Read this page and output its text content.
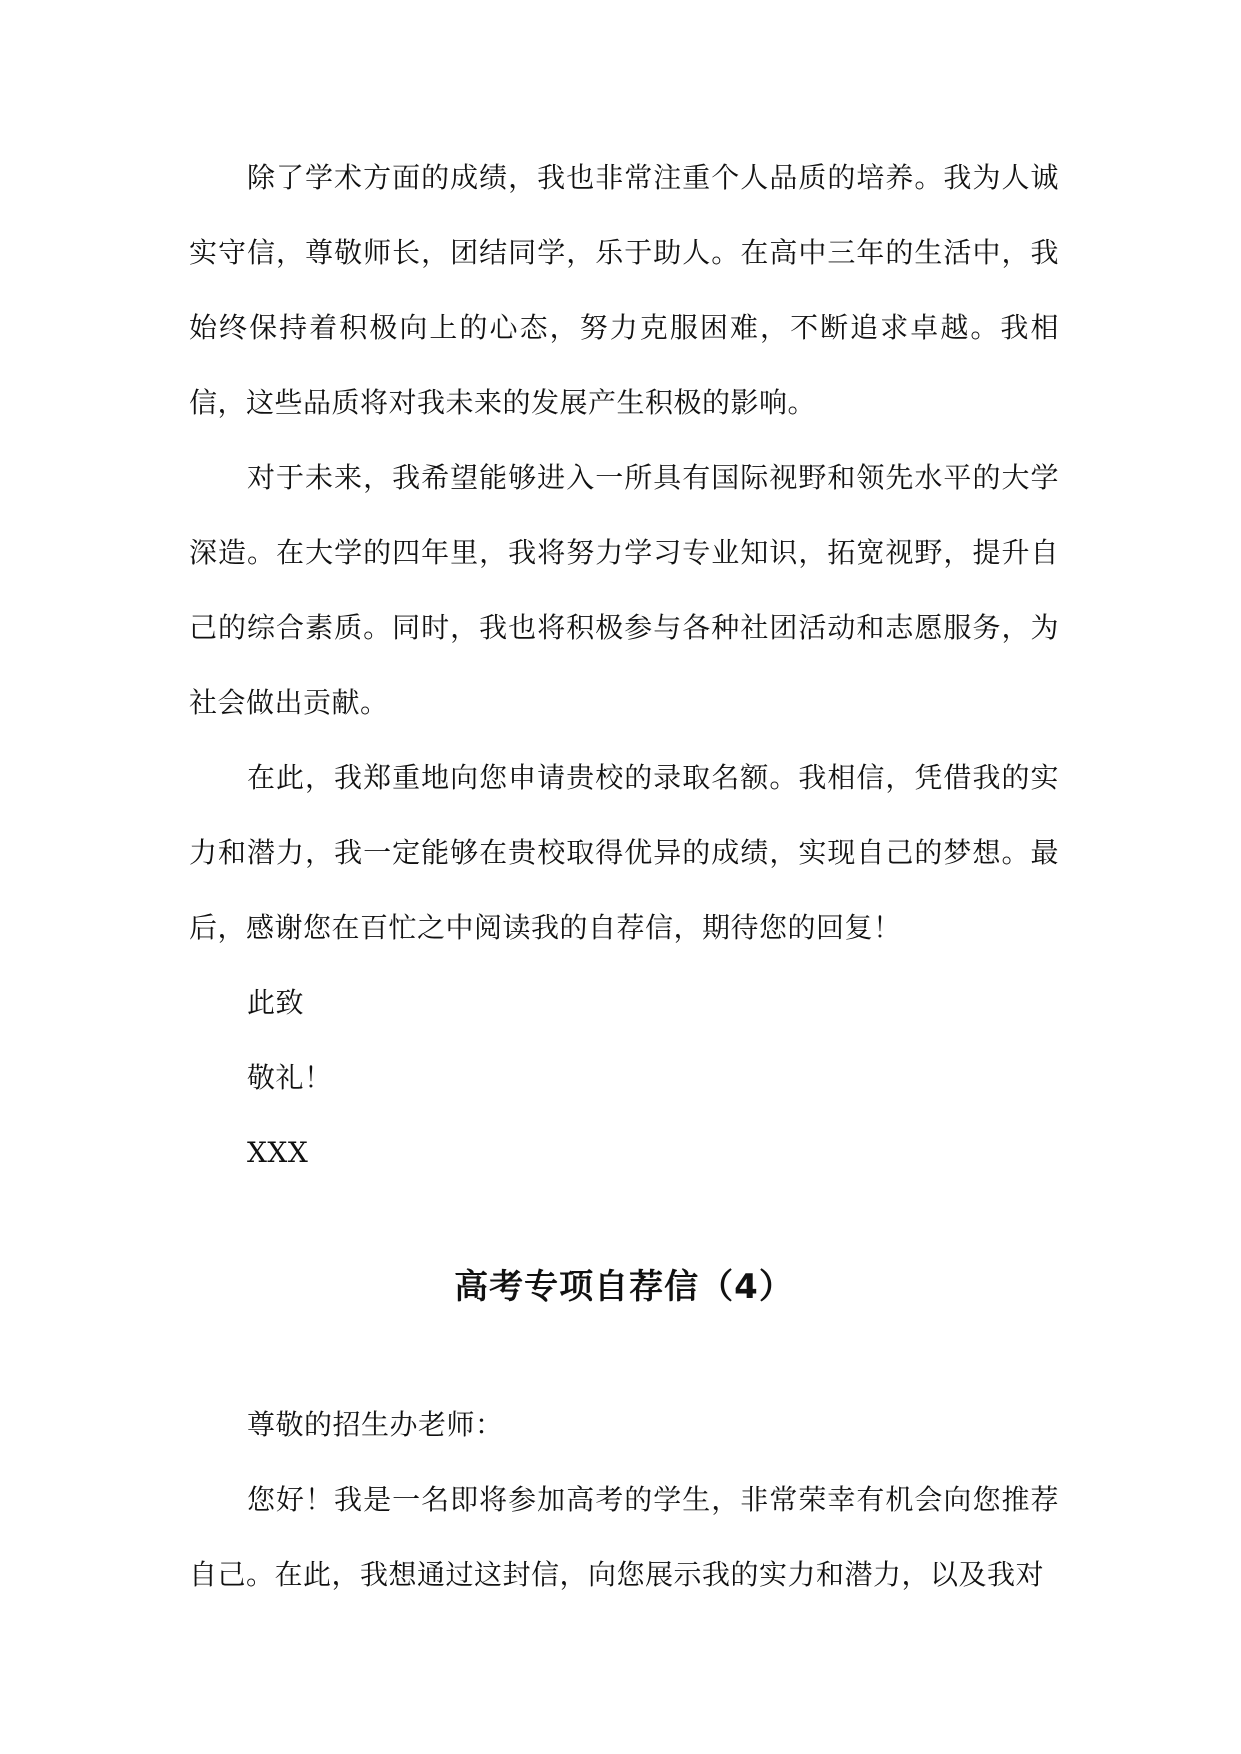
除了学术方面的成绩，我也非常注重个人品质的培养。我为人诚实守信，尊敬师长，团结同学，乐于助人。在高中三年的生活中，我始终保持着积极向上的心态，努力克服困难，不断追求卓越。我相信，这些品质将对我未来的发展产生积极的影响。

对于未来，我希望能够进入一所具有国际视野和领先水平的大学深造。在大学的四年里，我将努力学习专业知识，拓宽视野，提升自己的综合素质。同时，我也将积极参与各种社团活动和志愿服务，为社会做出贡献。

在此，我郑重地向您申请贵校的录取名额。我相信，凭借我的实力和潜力，我一定能够在贵校取得优异的成绩，实现自己的梦想。最后，感谢您在百忙之中阅读我的自荐信，期待您的回复！

此致

敬礼！

XXX

高考专项自荐信（4）

尊敬的招生办老师：

您好！我是一名即将参加高考的学生，非常荣幸有机会向您推荐自己。在此，我想通过这封信，向您展示我的实力和潜力，以及我对
